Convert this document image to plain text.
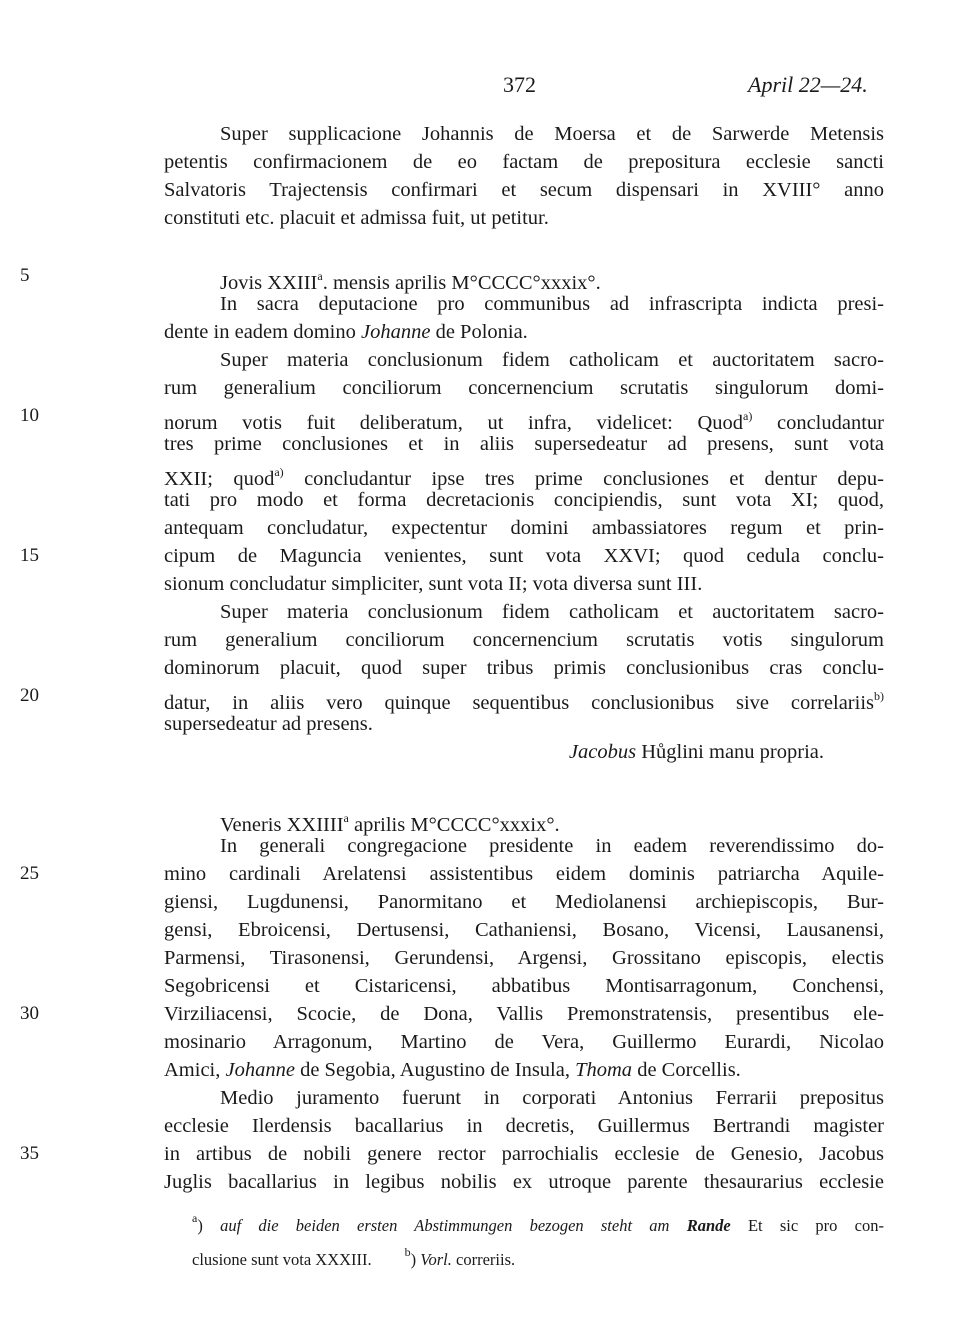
372	April 22—24.
Super supplicacione Johannis de Moersa et de Sarwerde Metensis
petentis confirmacionem de eo factam de prepositura ecclesie sancti
Salvatoris Trajectensis confirmari et secum dispensari in XVIII° anno
constituti etc. placuit et admissa fuit, ut petitur.
5	Jovis XXIII$^a$. mensis aprilis M°CCCC°xxxix°.
In sacra deputacione pro communibus ad infrascripta indicta presi-
dente in eadem domino Johanne de Polonia.
Super materia conclusionum fidem catholicam et auctoritatem sacro-
rum generalium conciliorum concernencium scrutatis singulorum domi-
10	norum votis fuit deliberatum, ut infra, videlicet: Quod$^{a)}$ concludantur
tres prime conclusiones et in aliis supersedeatur ad presens, sunt vota
XXII; quod$^{a)}$ concludantur ipse tres prime conclusiones et dentur depu-
tati pro modo et forma decretacionis concipiendis, sunt vota XI; quod,
antequam concludatur, expectentur domini ambassiatores regum et prin-
15	cipum de Maguncia venientes, sunt vota XXVI; quod cedula conclu-
sionum concludatur simpliciter, sunt vota II; vota diversa sunt III.
Super materia conclusionum fidem catholicam et auctoritatem sacro-
rum generalium conciliorum concernencium scrutatis votis singulorum
dominorum placuit, quod super tribus primis conclusionibus cras conclu-
20	datur, in aliis vero quinque sequentibus conclusionibus sive correlariis$^{b)}$
supersedeatur ad presens.
Jacobus Hůglini manu propria.
Veneris XXIIII$^a$ aprilis M°CCCC°xxxix°.
In generali congregacione presidente in eadem reverendissimo do-
25	mino cardinali Arelatensi assistentibus eidem dominis patriarcha Aquile-
giensi, Lugdunensi, Panormitano et Mediolanensi archiepiscopis, Bur-
gensi, Ebroicensi, Dertusensi, Cathaniensi, Bosano, Vicensi, Lausanensi,
Parmensi, Tirasonensi, Gerundensi, Argensi, Grossitano episcopis, electis
Segobricensi et Cistaricensi, abbatibus Montisarragonum, Conchensi,
30	Virziliacensi, Scocie, de Dona, Vallis Premonstratensis, presentibus ele-
mosinario Arragonum, Martino de Vera, Guillermo Eurardi, Nicolao
Amici, Johanne de Segobia, Augustino de Insula, Thoma de Corcellis.
Medio juramento fuerunt in corporati Antonius Ferrarii prepositus
ecclesie Ilerdensis bacallarius in decretis, Guillermus Bertrandi magister
35	in artibus de nobili genere rector parrochialis ecclesie de Genesio, Jacobus
Juglis bacallarius in legibus nobilis ex utroque parente thesaurarius ecclesie
$^a$) auf die beiden ersten Abstimmungen bezogen steht am Rande Et sic pro con-
clusione sunt vota XXXIII.	$^b$) Vorl. correriis.
